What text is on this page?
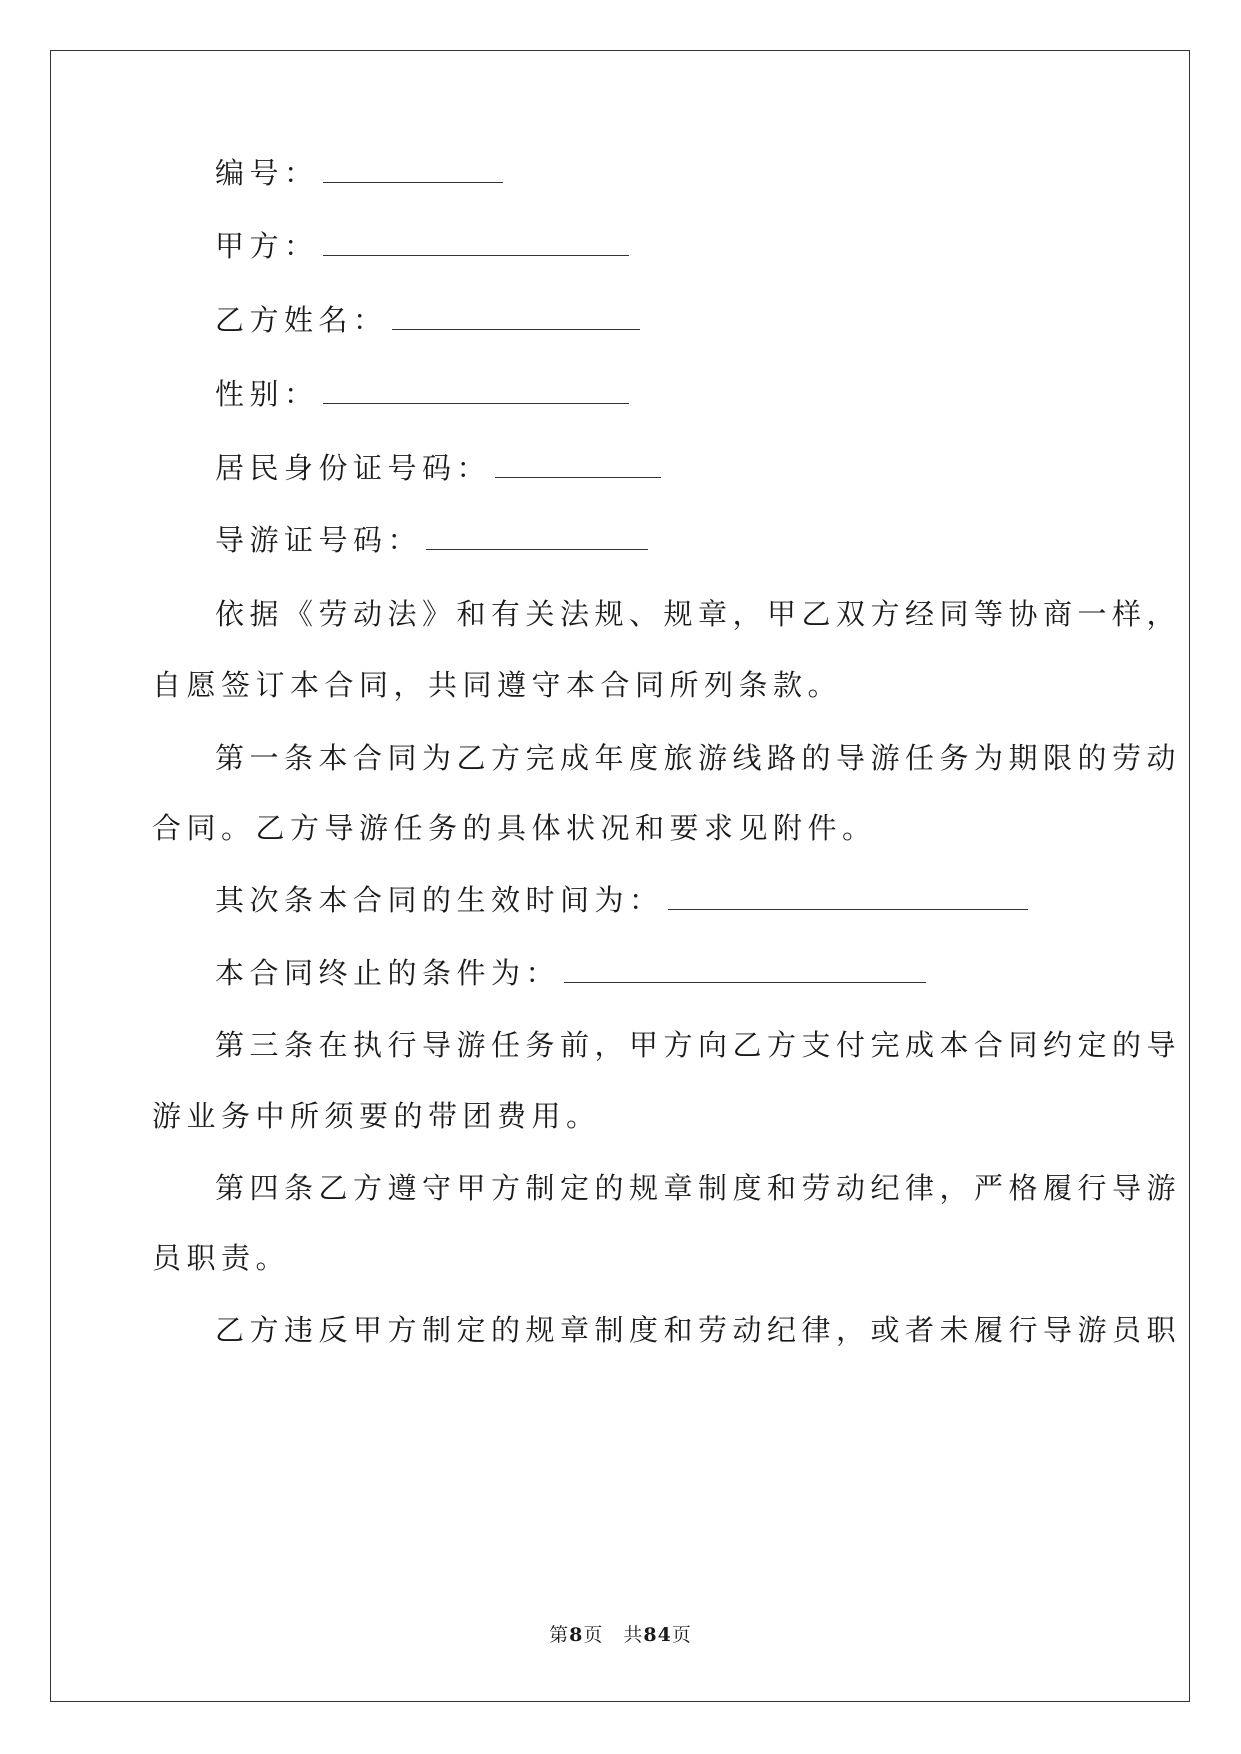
编号：

甲方：

乙方姓名：

性别：

居民身份证号码：

导游证号码：

依据《劳动法》和有关法规、规章，甲乙双方经同等协商一样，

自愿签订本合同，共同遵守本合同所列条款。

第一条本合同为乙方完成年度旅游线路的导游任务为期限的劳动

合同。乙方导游任务的具体状况和要求见附件。

其次条本合同的生效时间为：

本合同终止的条件为：

第三条在执行导游任务前，甲方向乙方支付完成本合同约定的导

游业务中所须要的带团费用。

第四条乙方遵守甲方制定的规章制度和劳动纪律，严格履行导游

员职责。

乙方违反甲方制定的规章制度和劳动纪律，或者未履行导游员职

第8页　共84页
